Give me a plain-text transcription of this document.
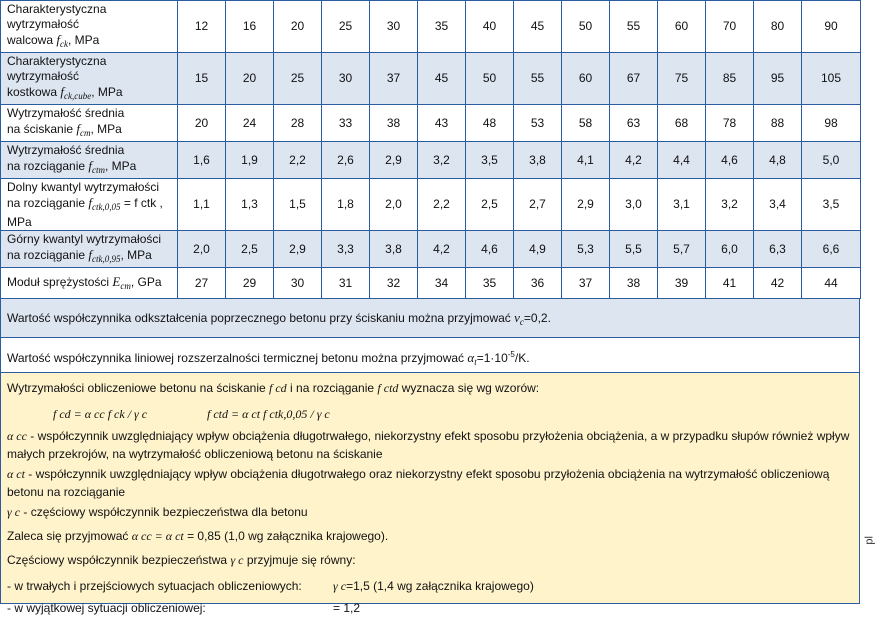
Charakterystyczna wytrzymałość
walcowa $f_{ck}$, MPa	12	16	20	25	30	35	40	45	50	55	60	70	80	90
Charakterystyczna wytrzymałość
kostkowa $f_{ck,cube}$, MPa	15	20	25	30	37	45	50	55	60	67	75	85	95	105
Wytrzymałość średnia
na ściskanie $f_{cm}$, MPa	20	24	28	33	38	43	48	53	58	63	68	78	88	98
Wytrzymałość średnia
na rozciąganie $f_{ctm}$, MPa	1,6	1,9	2,2	2,6	2,9	3,2	3,5	3,8	4,1	4,2	4,4	4,6	4,8	5,0
Dolny kwantyl wytrzymałości
na rozciąganie $f_{ctk,0,05} = f$ ctk , MPa	1,1	1,3	1,5	1,8	2,0	2,2	2,5	2,7	2,9	3,0	3,1	3,2	3,4	3,5
Górny kwantyl wytrzymałości
na rozciąganie $f_{ctk,0,95}$, MPa	2,0	2,5	2,9	3,3	3,8	4,2	4,6	4,9	5,3	5,5	5,7	6,0	6,3	6,6
Moduł sprężystości $E_{cm}$, GPa	27	29	30	31	32	34	35	36	37	38	39	41	42	44
Wartość współczynnika odkształcenia poprzecznego betonu przy ściskaniu można przyjmować $\nu_c=0,2$.
Wartość współczynnika liniowej rozszerzalności termicznej betonu można przyjmować $\alpha_t=1\cdot 10^{-5}/K$.
Wytrzymałości obliczeniowe betonu na ściskanie f cd i na rozciąganie f ctd wyznacza się wg wzorów:
f cd = α cc f ck / γ c	f ctd = α ct f ctk,0,05 / γ c
α cc - współczynnik uwzględniający wpływ obciążenia długotrwałego, niekorzystny efekt sposobu przyłożenia obciążenia, a w przypadku słupów również wpływ małych przekrojów, na wytrzymałość obliczeniową betonu na ściskanie
α ct - współczynnik uwzględniający wpływ obciążenia długotrwałego oraz niekorzystny efekt sposobu przyłożenia obciążenia na wytrzymałość obliczeniową betonu na rozciąganie
γ c - częściowy współczynnik bezpieczeństwa dla betonu
Zaleca się przyjmować α cc = α ct = 0,85 (1,0 wg załącznika krajowego).
Częściowy współczynnik bezpieczeństwa γ c przyjmuje się równy:
- w trwałych i przejściowych sytuacjach obliczeniowych:	γ c=1,5 (1,4 wg załącznika krajowego)
- w wyjątkowej sytuacji obliczeniowej:	= 1,2
pl
